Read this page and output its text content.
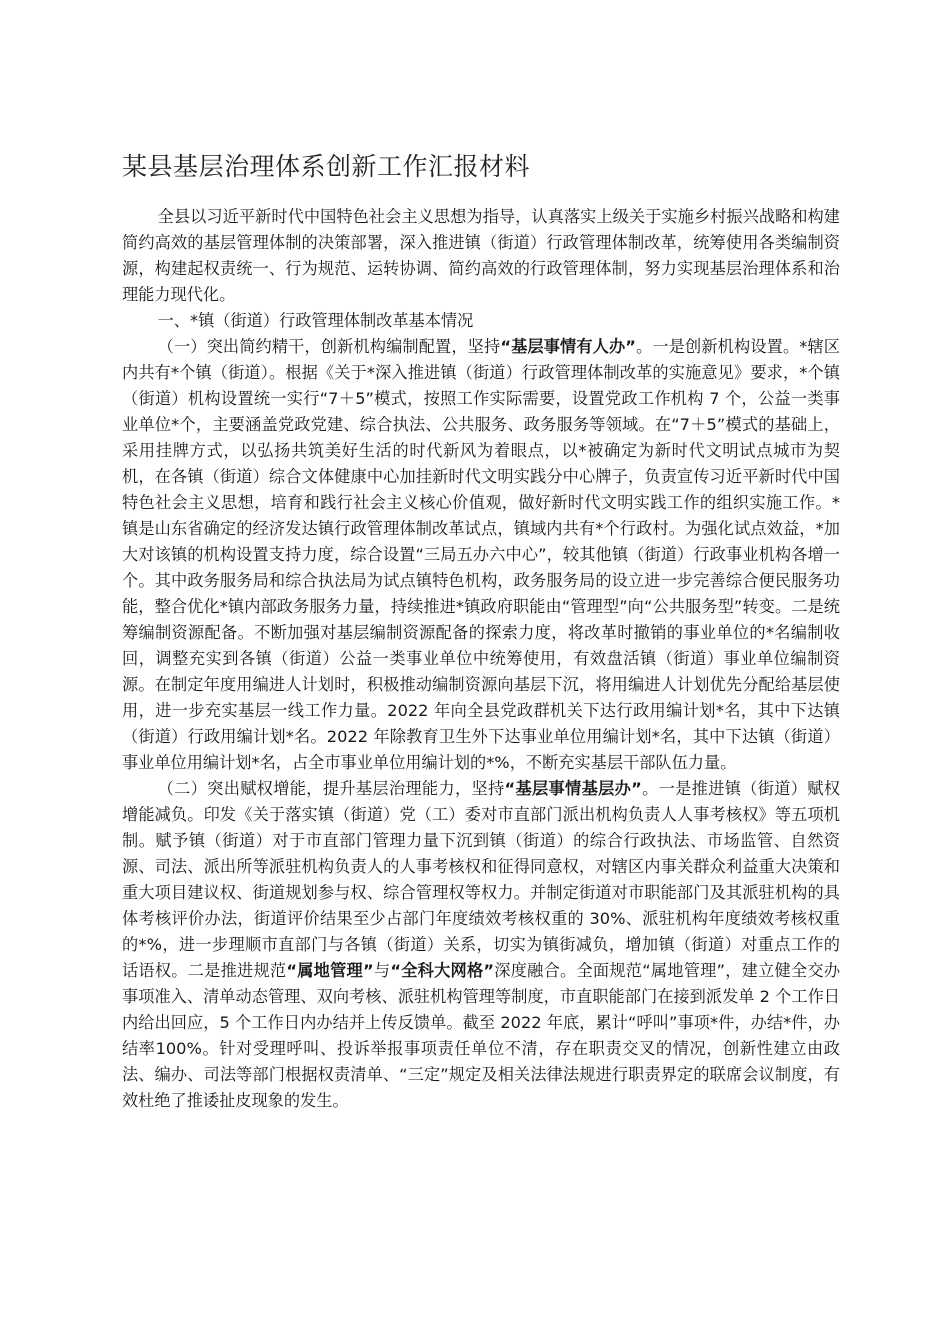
某县基层治理体系创新工作汇报材料

全县以习近平新时代中国特色社会主义思想为指导，认真落实上级关于实施乡村振兴战略和构建简约高效的基层管理体制的决策部署，深入推进镇（街道）行政管理体制改革，统筹使用各类编制资源，构建起权责统一、行为规范、运转协调、简约高效的行政管理体制，努力实现基层治理体系和治理能力现代化。

一、*镇（街道）行政管理体制改革基本情况

（一）突出简约精干，创新机构编制配置，坚持“基层事情有人办”。一是创新机构设置。*辖区内共有*个镇（街道）。根据《关于*深入推进镇（街道）行政管理体制改革的实施意见》要求，*个镇（街道）机构设置统一实行“7＋5”模式，按照工作实际需要，设置党政工作机构 7 个，公益一类事业单位*个，主要涵盖党政党建、综合执法、公共服务、政务服务等领域。在“7＋5”模式的基础上，采用挂牌方式，以弘扬共筑美好生活的时代新风为着眼点，以*被确定为新时代文明试点城市为契机，在各镇（街道）综合文体健康中心加挂新时代文明实践分中心牌子，负责宣传习近平新时代中国特色社会主义思想，培育和践行社会主义核心价值观，做好新时代文明实践工作的组织实施工作。*镇是山东省确定的经济发达镇行政管理体制改革试点，镇域内共有*个行政村。为强化试点效益，*加大对该镇的机构设置支持力度，综合设置“三局五办六中心”，较其他镇（街道）行政事业机构各增一个。其中政务服务局和综合执法局为试点镇特色机构，政务服务局的设立进一步完善综合便民服务功能，整合优化*镇内部政务服务力量，持续推进*镇政府职能由“管理型”向“公共服务型”转变。二是统筹编制资源配备。不断加强对基层编制资源配备的探索力度，将改革时撤销的事业单位的*名编制收回，调整充实到各镇（街道）公益一类事业单位中统筹使用，有效盘活镇（街道）事业单位编制资源。在制定年度用编进人计划时，积极推动编制资源向基层下沉，将用编进人计划优先分配给基层使用，进一步充实基层一线工作力量。2022 年向全县党政群机关下达行政用编计划*名，其中下达镇（街道）行政用编计划*名。2022 年除教育卫生外下达事业单位用编计划*名，其中下达镇（街道）事业单位用编计划*名，占全市事业单位用编计划的*%，不断充实基层干部队伍力量。

（二）突出赋权增能，提升基层治理能力，坚持“基层事情基层办”。一是推进镇（街道）赋权增能减负。印发《关于落实镇（街道）党（工）委对市直部门派出机构负责人人事考核权》等五项机制。赋予镇（街道）对于市直部门管理力量下沉到镇（街道）的综合行政执法、市场监管、自然资源、司法、派出所等派驻机构负责人的人事考核权和征得同意权，对辖区内事关群众利益重大决策和重大项目建议权、街道规划参与权、综合管理权等权力。并制定街道对市职能部门及其派驻机构的具体考核评价办法，街道评价结果至少占部门年度绩效考核权重的 30%、派驻机构年度绩效考核权重的*%，进一步理顺市直部门与各镇（街道）关系，切实为镇街减负，增加镇（街道）对重点工作的话语权。二是推进规范“属地管理”与“全科大网格”深度融合。全面规范“属地管理”，建立健全交办事项准入、清单动态管理、双向考核、派驻机构管理等制度，市直职能部门在接到派发单 2 个工作日内给出回应，5 个工作日内办结并上传反馈单。截至 2022 年底，累计“呼叫”事项*件，办结*件，办结率100%。针对受理呼叫、投诉举报事项责任单位不清，存在职责交叉的情况，创新性建立由政法、编办、司法等部门根据权责清单、“三定”规定及相关法律法规进行职责界定的联席会议制度，有效杜绝了推诿扯皮现象的发生。
